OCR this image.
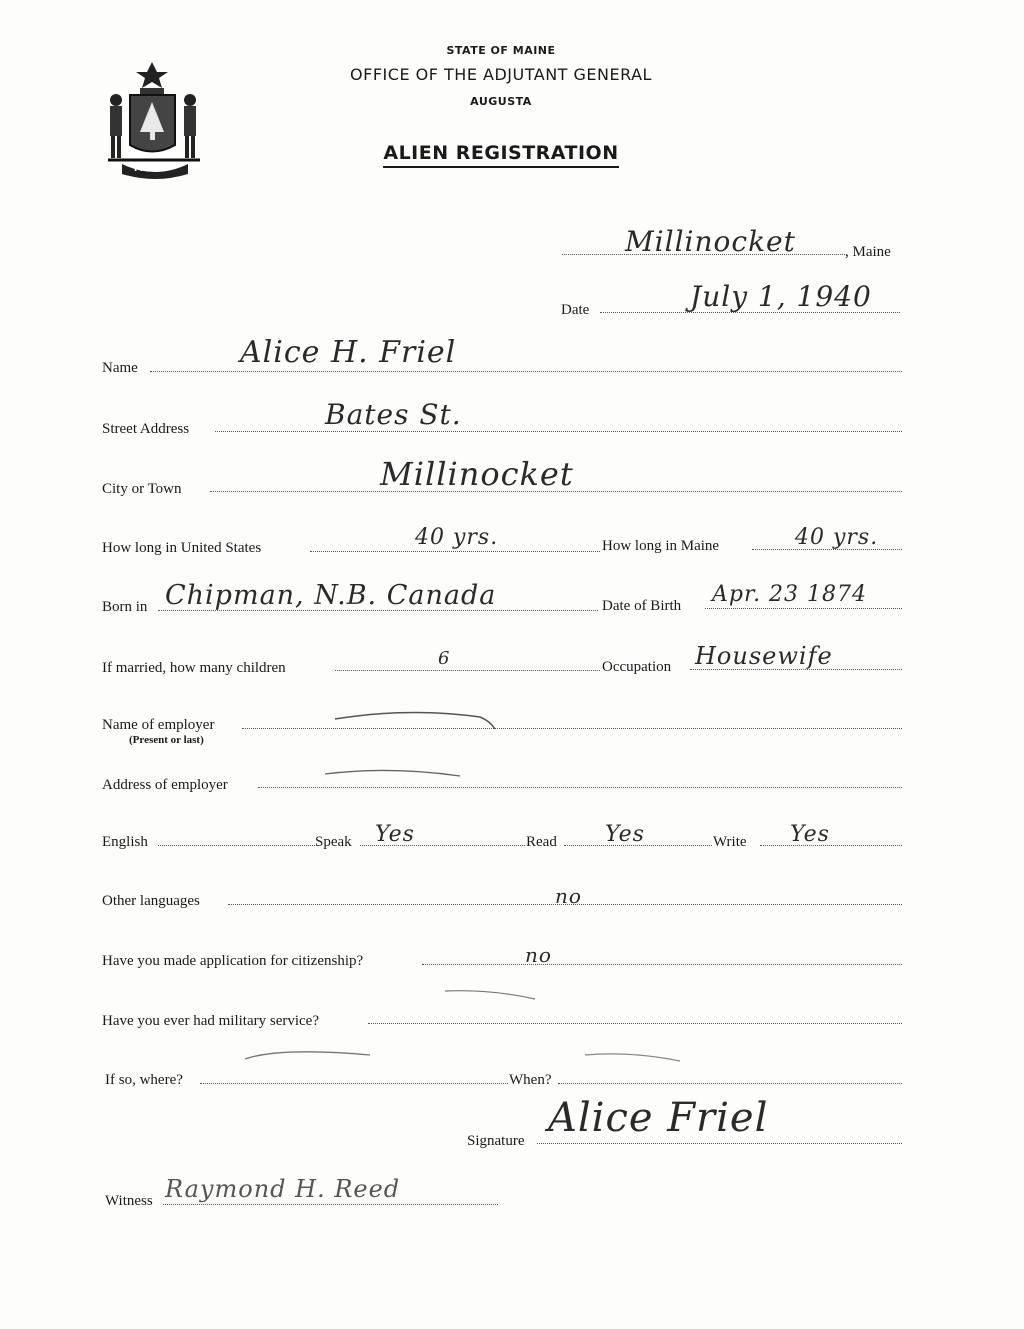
MAINE
STATE OF MAINE
OFFICE OF THE ADJUTANT GENERAL
AUGUSTA
ALIEN REGISTRATION
Millinocket	, Maine
Date	July 1, 1940
Name	Alice H. Friel
Street Address	Bates St.
City or Town	Millinocket
How long in United States	40 yrs.	How long in Maine	40 yrs.
Born in Chipman, N.B. Canada	Date of Birth Apr. 23 1874
If married, how many children	6	Occupation Housewife
Name of employer
(Present or last)
Address of employer
English	Speak Yes	Read Yes	Write Yes
Other languages	no
Have you made application for citizenship?	no
Have you ever had military service?
If so, where?	When?
Signature Alice Friel
Witness Raymond H. Reed
